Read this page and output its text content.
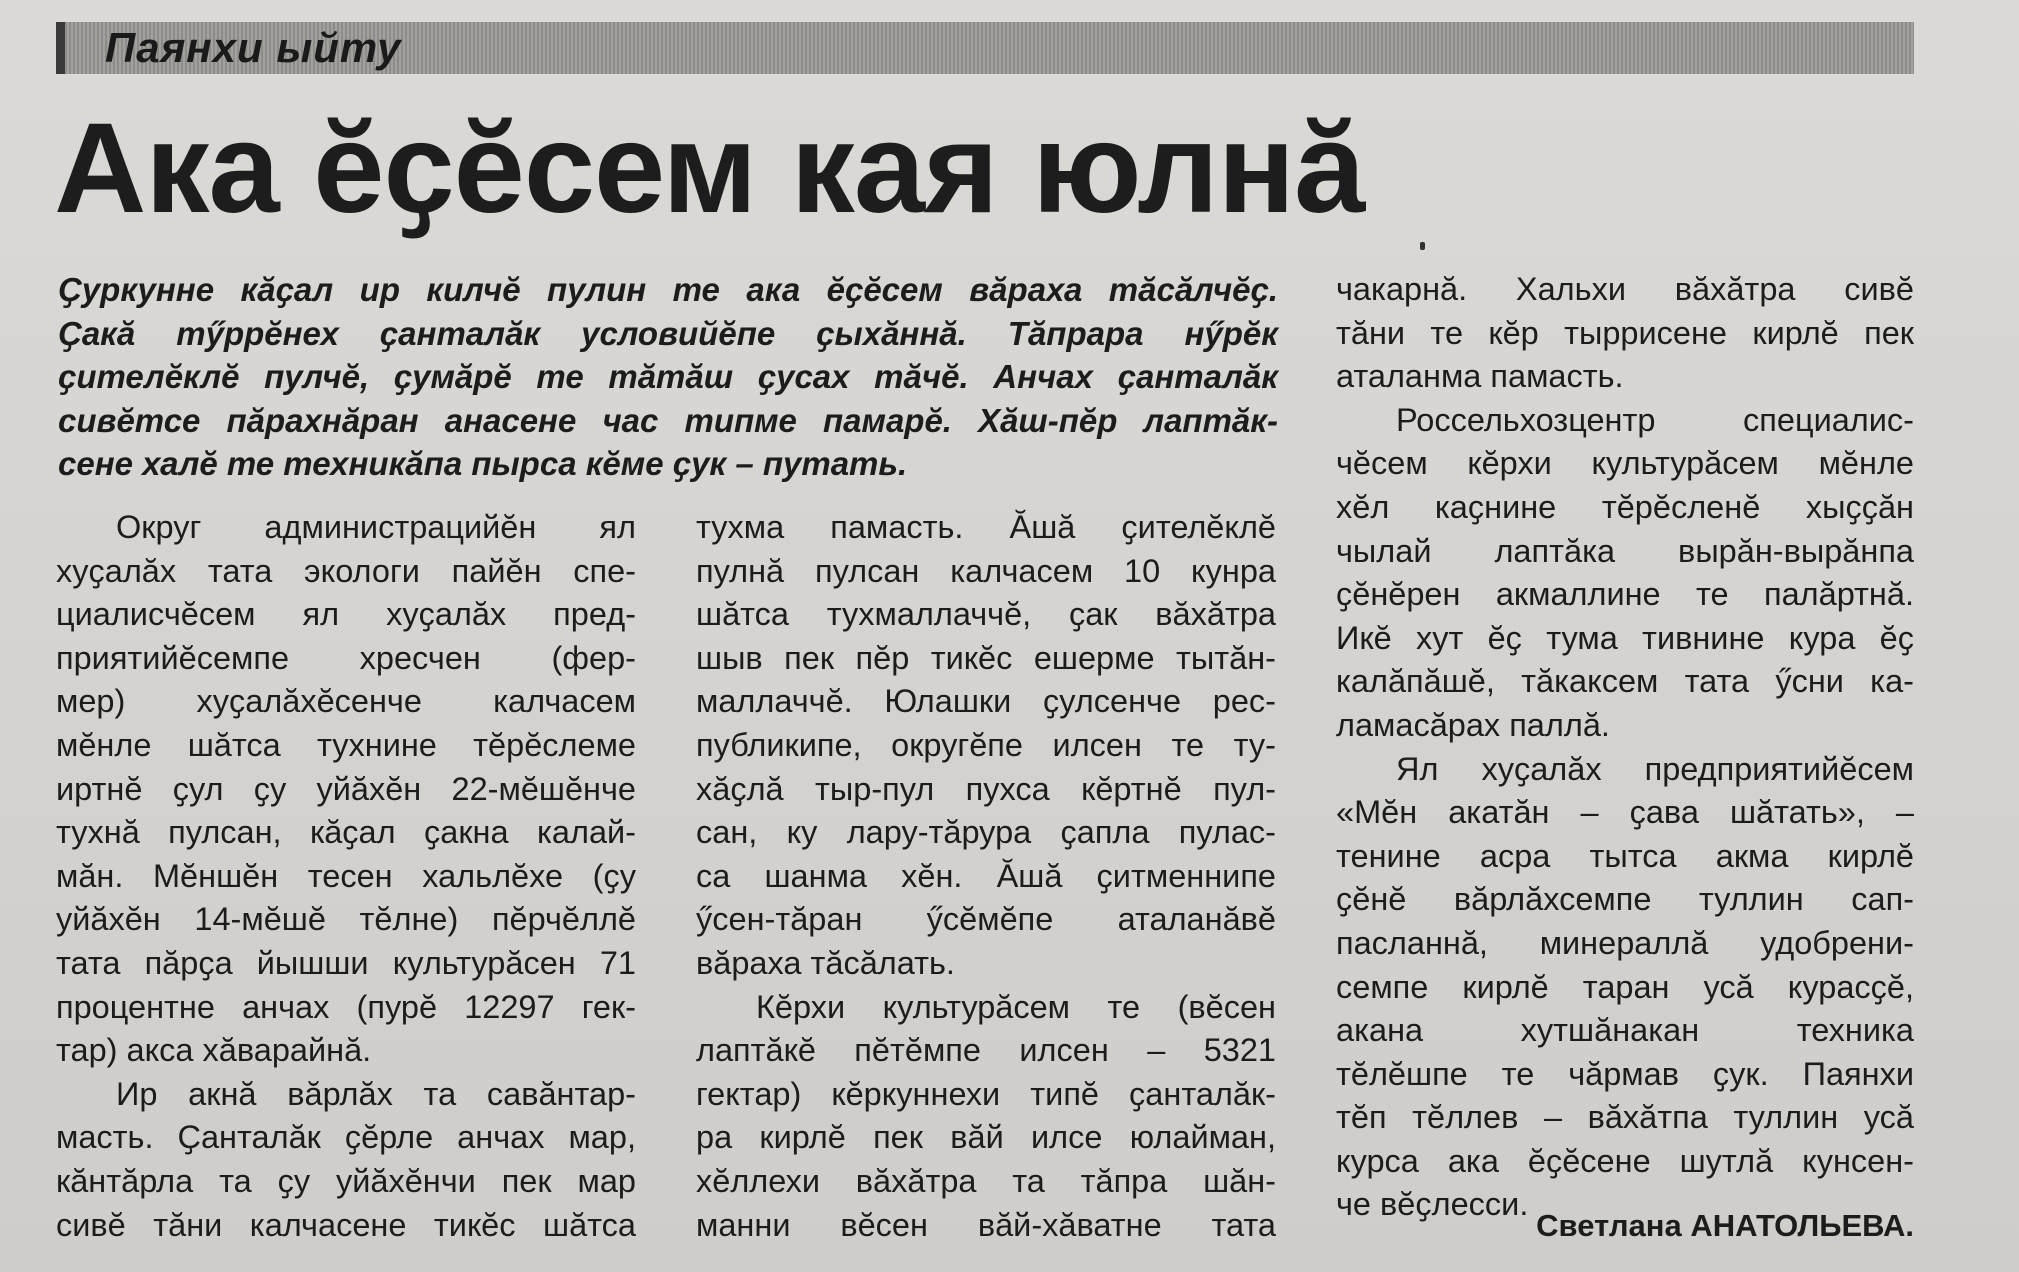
Паянхи ыйту
Ака ӗҫӗсем кая юлнӑ
Ҫуркунне кӑҫал ир килчӗ пулин те ака ӗҫӗсем вӑраха тӑсӑлчӗҫ.
Ҫакӑ тӳррӗнех ҫанталӑк условийӗпе ҫыхӑннӑ. Тӑпрара нӳрӗк
ҫителӗклӗ пулчӗ, ҫумӑрӗ те тӑтӑш ҫусах тӑчӗ. Анчах ҫанталӑк
сивӗтсе пӑрахнӑран анасене час типме памарӗ. Хӑш-пӗр лаптӑк-
сене халӗ те техникӑпа пырса кӗме ҫук – путать.
Округ администрацийӗн ял
хуҫалӑх тата экологи пайӗн спе-
циалисчӗсем ял хуҫалӑх пред-
приятийӗсемпе хресчен (фер-
мер) хуҫалӑхӗсенче калчасем
мӗнле шӑтса тухнине тӗрӗслеме
иртнӗ ҫул ҫу уйӑхӗн 22-мӗшӗнче
тухнӑ пулсан, кӑҫал ҫакна калай-
мӑн. Мӗншӗн тесен хальлӗхе (ҫу
уйӑхӗн 14-мӗшӗ тӗлне) пӗрчӗллӗ
тата пӑрҫа йышши культурӑсен 71
процентне анчах (пурӗ 12297 гек-
тар) акса хӑварайнӑ.
Ир акнӑ вӑрлӑх та савӑнтар-
масть. Ҫанталӑк ҫӗрле анчах мар,
кӑнтӑрла та ҫу уйӑхӗнчи пек мар
сивӗ тӑни калчасене тикӗс шӑтса
тухма памасть. Ӑшӑ ҫителӗклӗ
пулнӑ пулсан калчасем 10 кунра
шӑтса тухмаллаччӗ, ҫак вӑхӑтра
шыв пек пӗр тикӗс ешерме тытӑн-
маллаччӗ. Юлашки ҫулсенче рес-
публикипе, округӗпе илсен те ту-
хӑҫлӑ тыр-пул пухса кӗртнӗ пул-
сан, ку лару-тӑрура ҫапла пулас-
са шанма хӗн. Ӑшӑ ҫитменнипе
ӳсен-тӑран ӳсӗмӗпе аталанӑвӗ
вӑраха тӑсӑлать.
Кӗрхи культурӑсем те (вӗсен
лаптӑкӗ пӗтӗмпе илсен – 5321
гектар) кӗркуннехи типӗ ҫанталӑк-
ра кирлӗ пек вӑй илсе юлайман,
хӗллехи вӑхӑтра та тӑпра шӑн-
манни вӗсен вӑй-хӑватне тата
чакарнӑ. Хальхи вӑхӑтра сивӗ
тӑни те кӗр тыррисене кирлӗ пек
аталанма памасть.
Россельхозцентр специалис-
чӗсем кӗрхи культурӑсем мӗнле
хӗл каҫнине тӗрӗсленӗ хыҫҫӑн
чылай лаптӑка вырӑн-вырӑнпа
ҫӗнӗрен акмаллине те палӑртнӑ.
Икӗ хут ӗҫ тума тивнине кура ӗҫ
калӑпӑшӗ, тӑкаксем тата ӳсни ка-
ламасӑрах паллӑ.
Ял хуҫалӑх предприятийӗсем
«Мӗн акатӑн – ҫава шӑтать», –
тенине асра тытса акма кирлӗ
ҫӗнӗ вӑрлӑхсемпе туллин сап-
пасланнӑ, минераллӑ удобрени-
семпе кирлӗ таран усӑ курасҫӗ,
акана хутшӑнакан техника
тӗлӗшпе те чӑрмав ҫук. Паянхи
тӗп тӗллев – вӑхӑтпа туллин усӑ
курса ака ӗҫӗсене шутлӑ кунсен-
че вӗҫлесси.
Светлана АНАТОЛЬЕВА.
